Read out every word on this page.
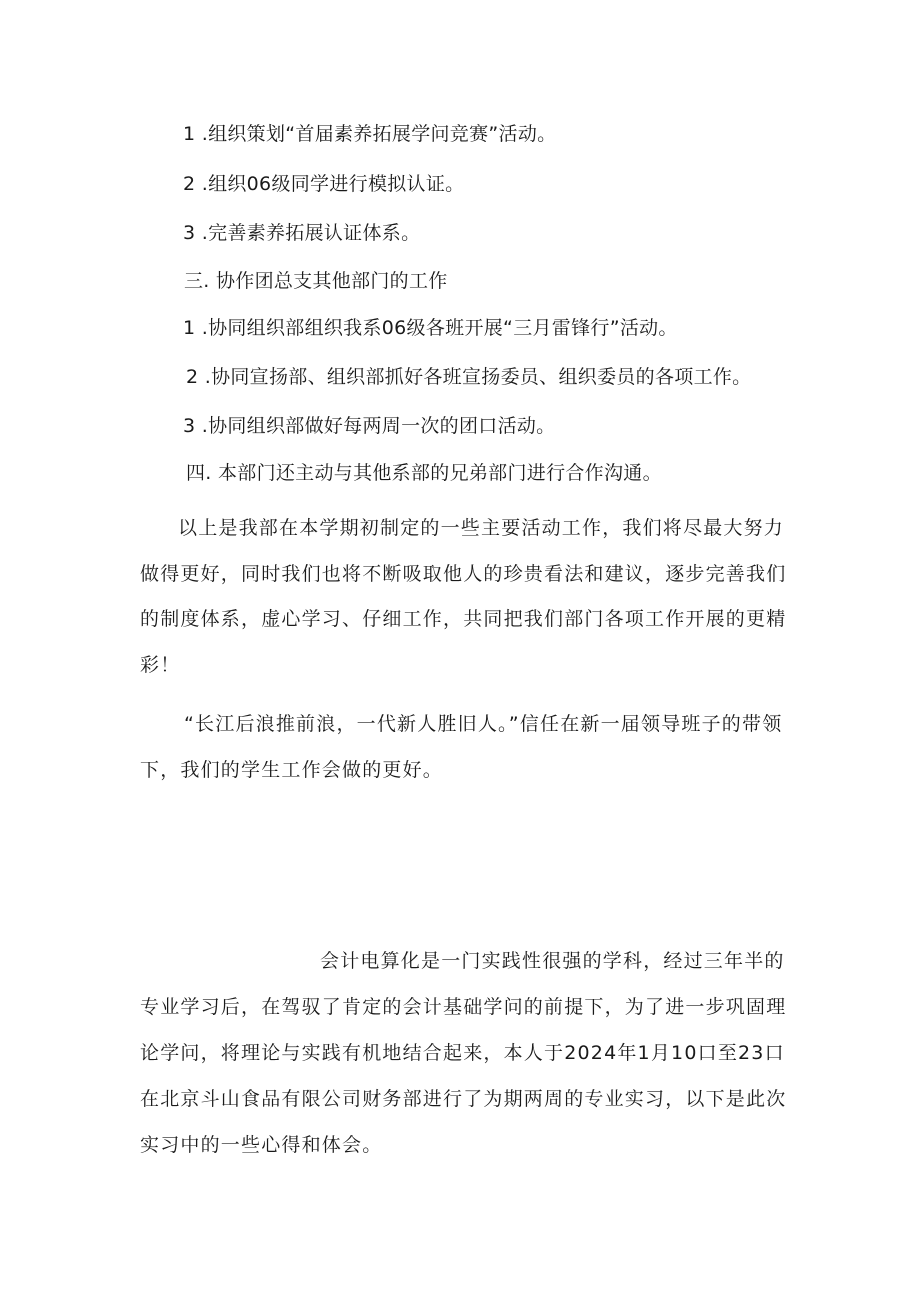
1 .组织策划“首届素养拓展学问竞赛”活动。
2 .组织06级同学进行模拟认证。
3 .完善素养拓展认证体系。
三. 协作团总支其他部门的工作
1 .协同组织部组织我系06级各班开展“三月雷锋行”活动。
2 .协同宣扬部、组织部抓好各班宣扬委员、组织委员的各项工作。
3 .协同组织部做好每两周一次的团口活动。
四. 本部门还主动与其他系部的兄弟部门进行合作沟通。
以上是我部在本学期初制定的一些主要活动工作，我们将尽最大努力做得更好，同时我们也将不断吸取他人的珍贵看法和建议，逐步完善我们的制度体系，虚心学习、仔细工作，共同把我们部门各项工作开展的更精彩！
“长江后浪推前浪，一代新人胜旧人。”信任在新一届领导班子的带领下，我们的学生工作会做的更好。
会计电算化是一门实践性很强的学科，经过三年半的专业学习后，在驾驭了肯定的会计基础学问的前提下，为了进一步巩固理论学问，将理论与实践有机地结合起来，本人于2024年1月10口至23口在北京斗山食品有限公司财务部进行了为期两周的专业实习，以下是此次实习中的一些心得和体会。
